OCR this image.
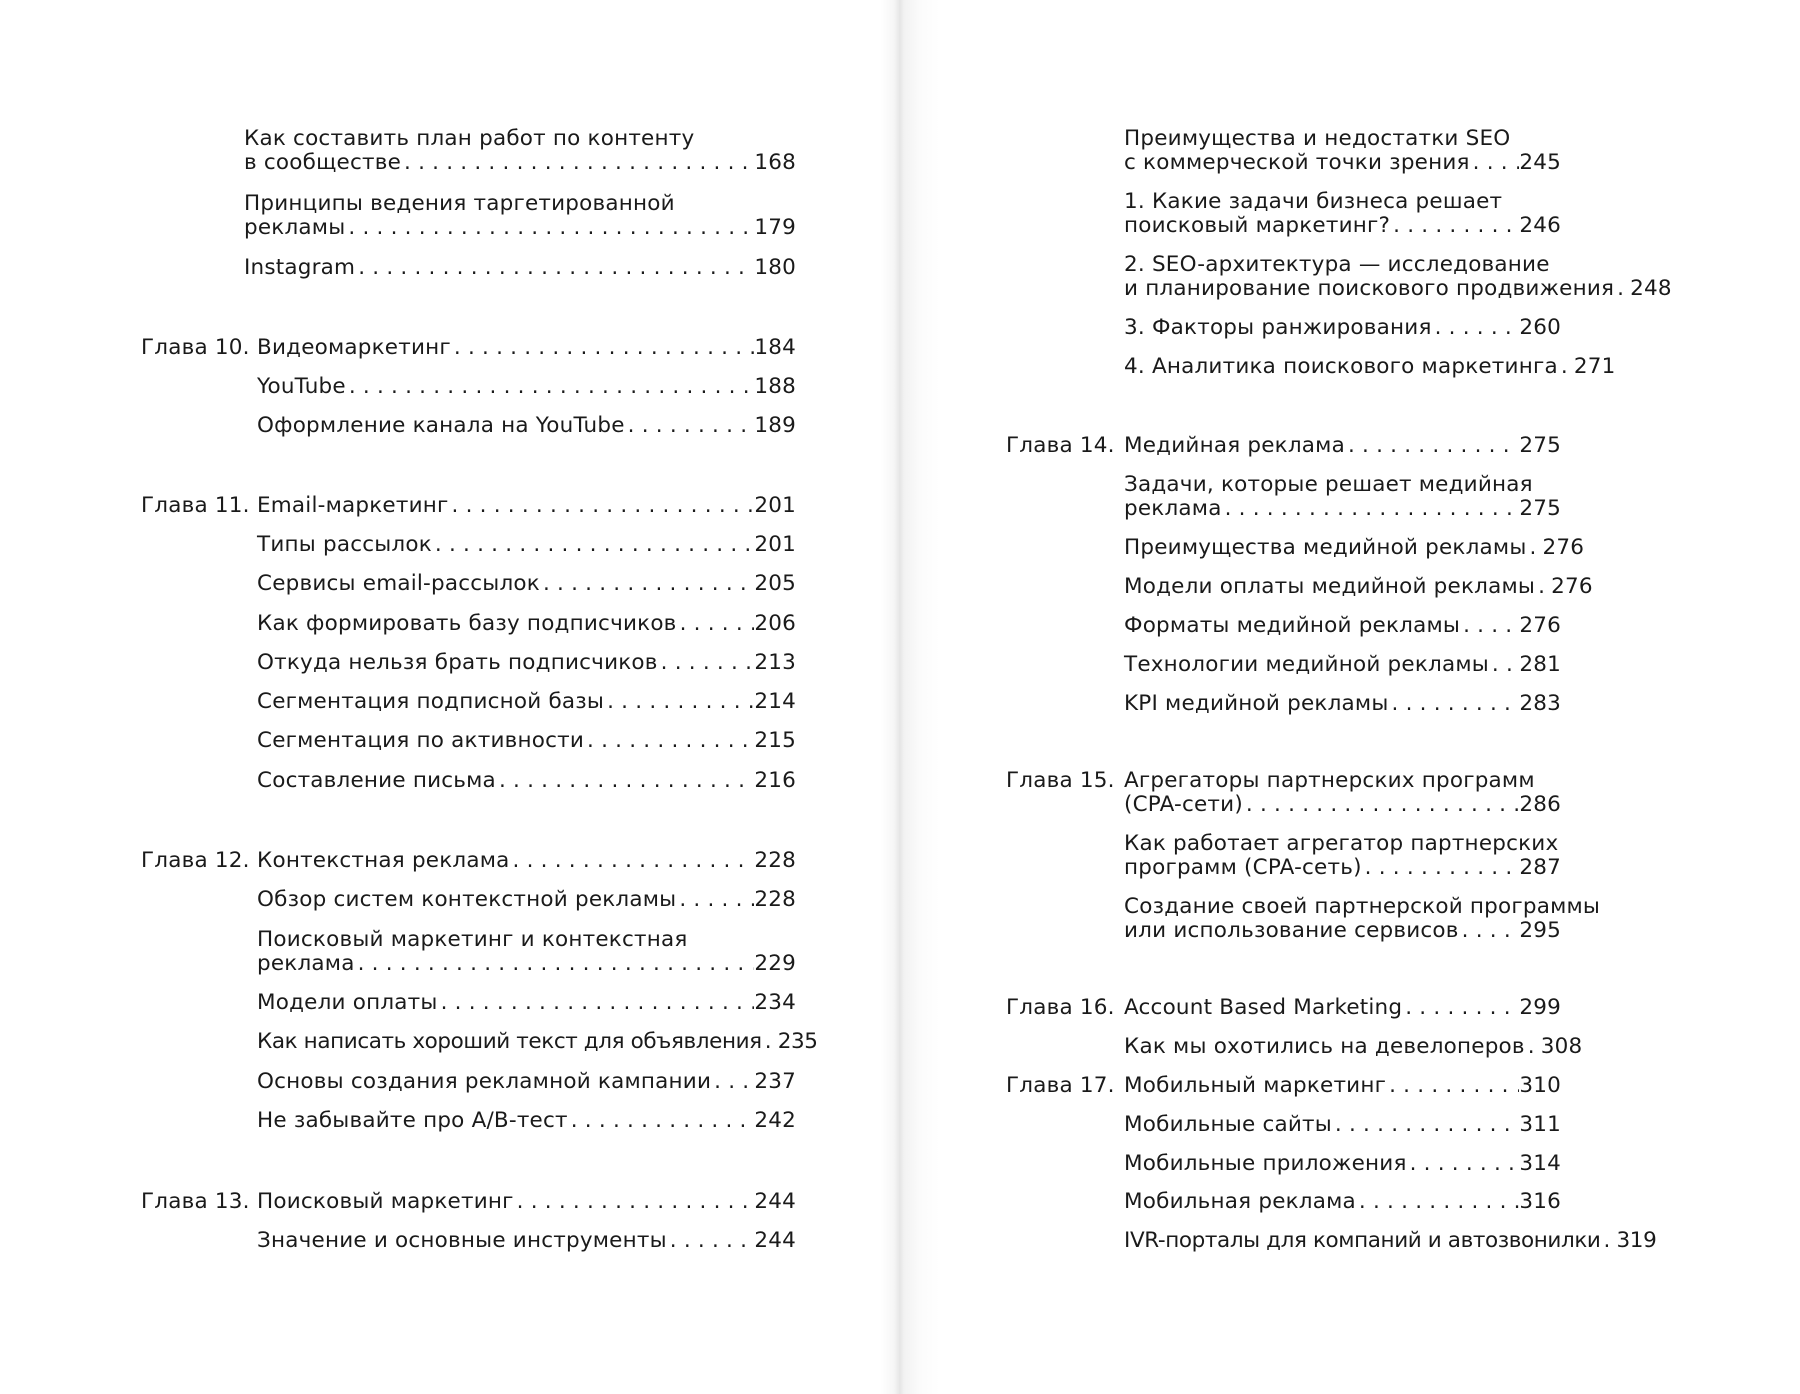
Как составить план работ по контенту
в сообществе . . .	168
Принципы ведения таргетированной
рекламы . . .	179
Instagram . . .	180
Глава 10. Видеомаркетинг . . .	184
YouTube . . .	188
Оформление канала на YouTube . . .	189
Глава 11. Email-маркетинг . . .	201
Типы рассылок . . .	201
Сервисы email-рассылок . . .	205
Как формировать базу подписчиков . . .	206
Откуда нельзя брать подписчиков . . .	213
Сегментация подписной базы . . .	214
Сегментация по активности . . .	215
Составление письма . . .	216
Глава 12. Контекстная реклама . . .	228
Обзор систем контекстной рекламы . . .	228
Поисковый маркетинг и контекстная
реклама . . .	229
Модели оплаты . . .	234
Как написать хороший текст для объявления . . . 235
Основы создания рекламной кампании . . . 237
Не забывайте про A/B-тест . . .	242
Глава 13. Поисковый маркетинг . . .	244
Значение и основные инструменты . . .	244
Преимущества и недостатки SEO
с коммерческой точки зрения . . . 245
1. Какие задачи бизнеса решает
поисковый маркетинг? . . .	246
2. SEO-архитектура — исследование
и планирование поискового продвижения . . . 248
3. Факторы ранжирования . . .	260
4. Аналитика поискового маркетинга . . . 271
Глава 14. Медийная реклама . . .	275
Задачи, которые решает медийная
реклама . . .	275
Преимущества медийной рекламы . . . 276
Модели оплаты медийной рекламы . . . 276
Форматы медийной рекламы . . .	276
Технологии медийной рекламы . . . 281
KPI медийной рекламы . . .	283
Глава 15. Агрегаторы партнерских программ
(CPA-сети) . . .	286
Как работает агрегатор партнерских
программ (CPA-сеть) . . .	287
Создание своей партнерской программы
или использование сервисов . . .	295
Глава 16. Account Based Marketing . . .	299
Как мы охотились на девелоперов . . . 308
Глава 17. Мобильный маркетинг . . .	310
Мобильные сайты . . .	311
Мобильные приложения . . .	314
Мобильная реклама . . .	316
IVR-порталы для компаний и автозвонилки . . . 319
